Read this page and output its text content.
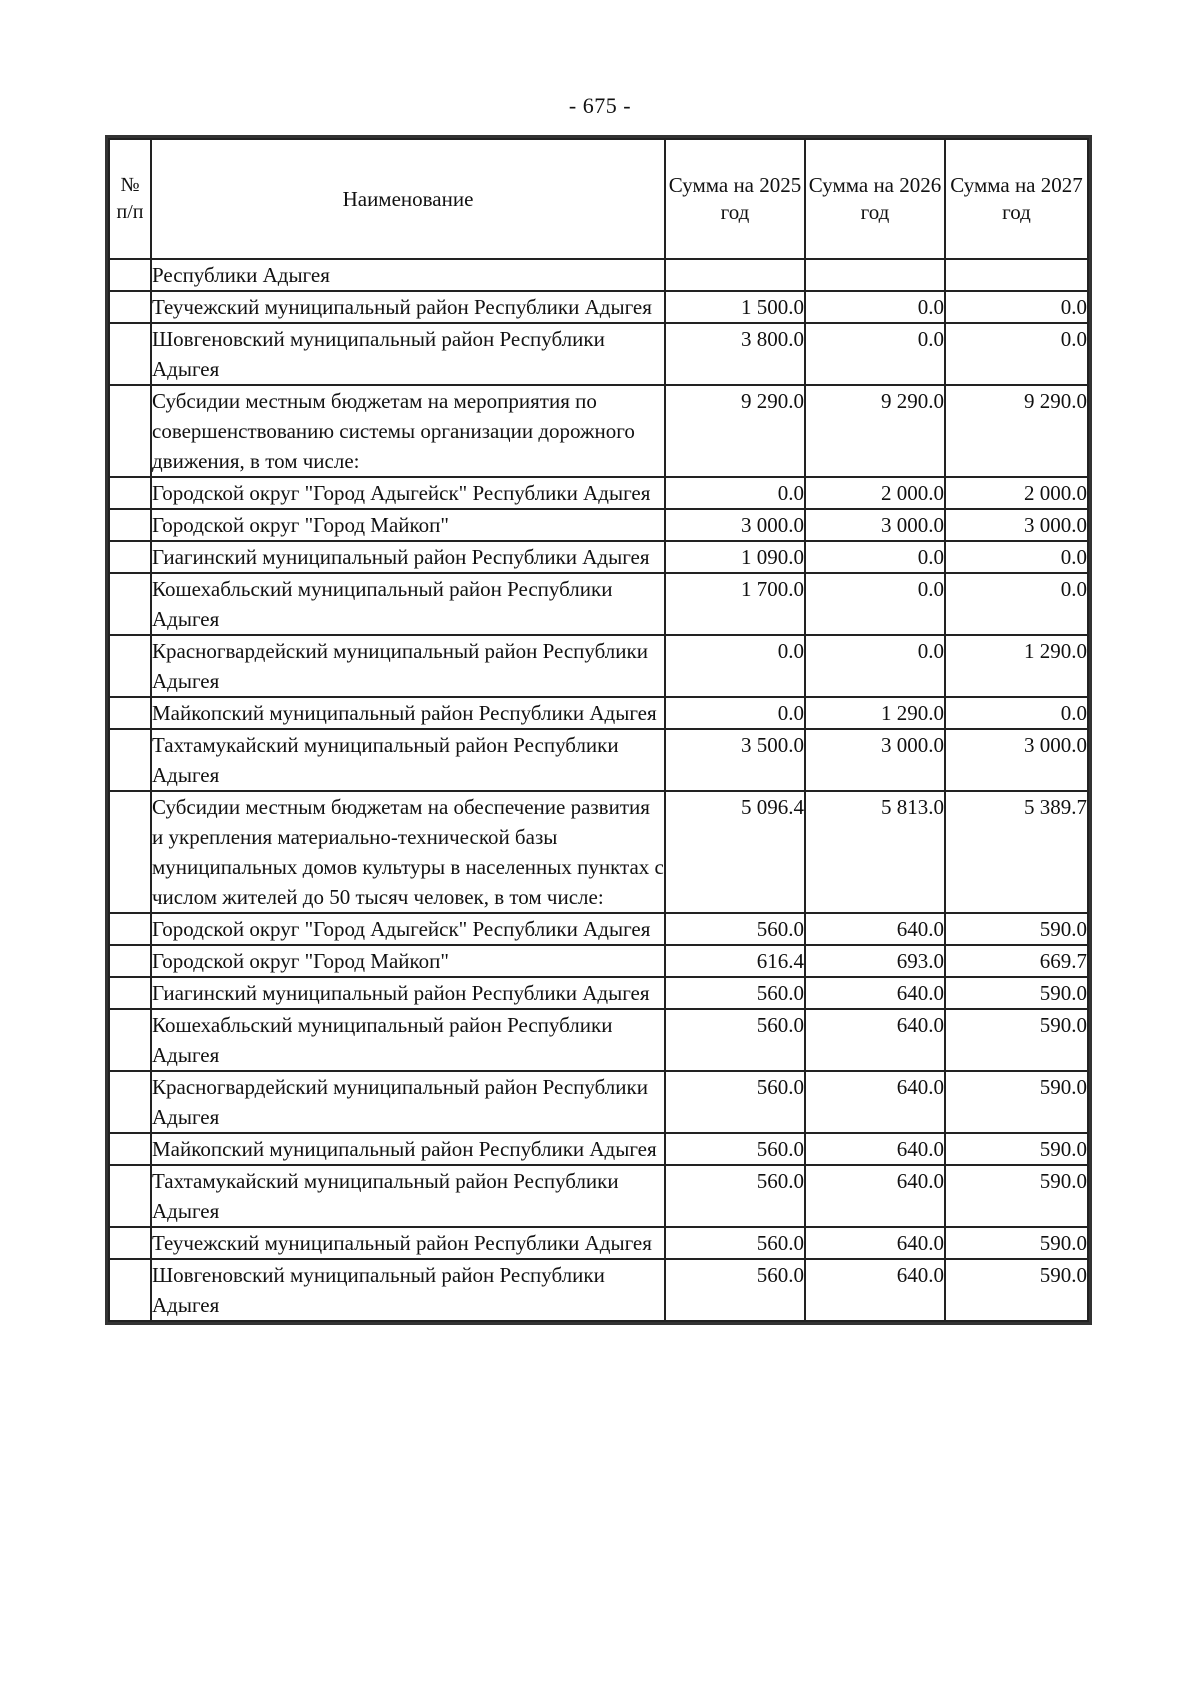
- 675 -
№ п/п	Наименование	Сумма на 2025 год	Сумма на 2026 год	Сумма на 2027 год
	Республики Адыгея			
	Теучежский муниципальный район Республики Адыгея	1 500.0	0.0	0.0
	Шовгеновский муниципальный район Республики Адыгея	3 800.0	0.0	0.0
	Субсидии местным бюджетам на мероприятия по совершенствованию системы организации дорожного движения, в том числе:	9 290.0	9 290.0	9 290.0
	Городской округ "Город Адыгейск" Республики Адыгея	0.0	2 000.0	2 000.0
	Городской округ "Город Майкоп"	3 000.0	3 000.0	3 000.0
	Гиагинский муниципальный район Республики Адыгея	1 090.0	0.0	0.0
	Кошехабльский муниципальный район Республики Адыгея	1 700.0	0.0	0.0
	Красногвардейский муниципальный район Республики Адыгея	0.0	0.0	1 290.0
	Майкопский муниципальный район Республики Адыгея	0.0	1 290.0	0.0
	Тахтамукайский муниципальный район Республики Адыгея	3 500.0	3 000.0	3 000.0
	Субсидии местным бюджетам на обеспечение развития и укрепления материально-технической базы муниципальных домов культуры в населенных пунктах с числом жителей до 50 тысяч человек, в том числе:	5 096.4	5 813.0	5 389.7
	Городской округ "Город Адыгейск" Республики Адыгея	560.0	640.0	590.0
	Городской округ "Город Майкоп"	616.4	693.0	669.7
	Гиагинский муниципальный район Республики Адыгея	560.0	640.0	590.0
	Кошехабльский муниципальный район Республики Адыгея	560.0	640.0	590.0
	Красногвардейский муниципальный район Республики Адыгея	560.0	640.0	590.0
	Майкопский муниципальный район Республики Адыгея	560.0	640.0	590.0
	Тахтамукайский муниципальный район Республики Адыгея	560.0	640.0	590.0
	Теучежский муниципальный район Республики Адыгея	560.0	640.0	590.0
	Шовгеновский муниципальный район Республики Адыгея	560.0	640.0	590.0
